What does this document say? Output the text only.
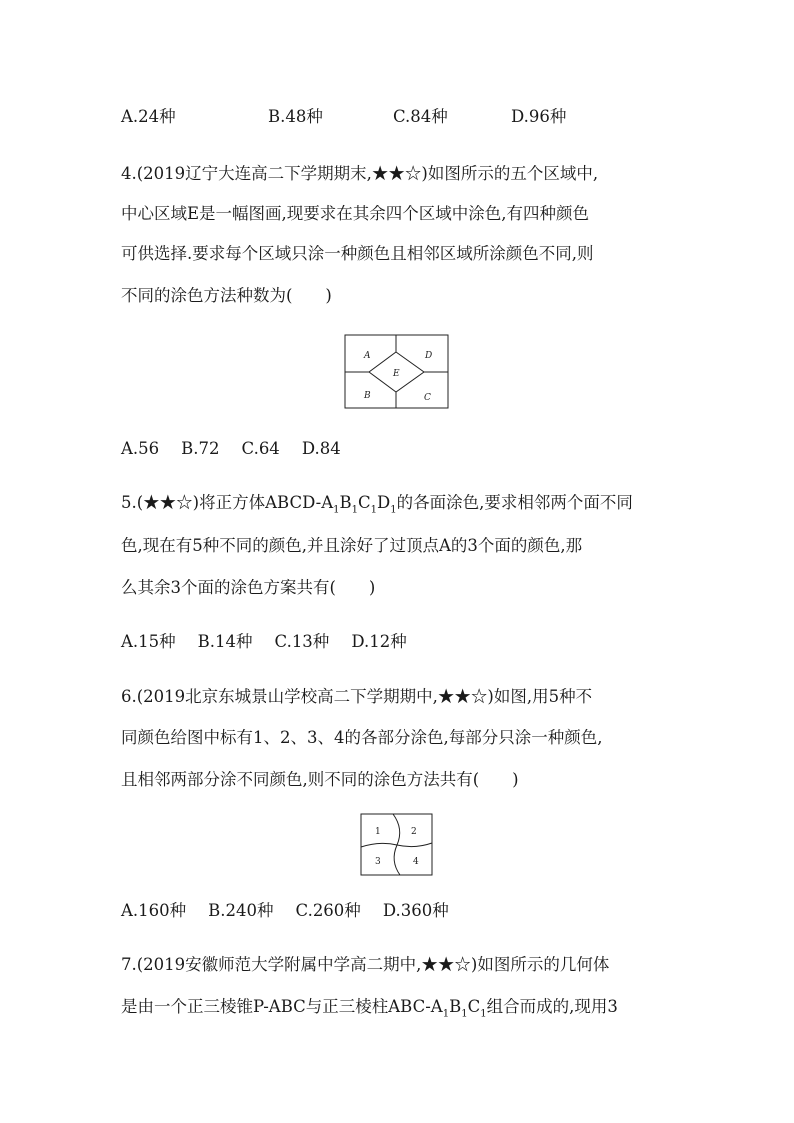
A.24种	B.48种	C.84种	D.96种
4.(2019辽宁大连高二下学期期末,★★☆)如图所示的五个区域中,
中心区域E是一幅图画,现要求在其余四个区域中涂色,有四种颜色
可供选择.要求每个区域只涂一种颜色且相邻区域所涂颜色不同,则
不同的涂色方法种数为(　　)
A	D
E
B	C
A.56 B.72 C.64 D.84
5.(★★☆)将正方体ABCD-$A_1B_1C_1D_1$的各面涂色,要求相邻两个面不同
色,现在有5种不同的颜色,并且涂好了过顶点A的3个面的颜色,那
么其余3个面的涂色方案共有(　　)
A.15种 B.14种 C.13种 D.12种
6.(2019北京东城景山学校高二下学期期中,★★☆)如图,用5种不
同颜色给图中标有1、2、3、4的各部分涂色,每部分只涂一种颜色,
且相邻两部分涂不同颜色,则不同的涂色方法共有(　　)
1	2
3	4
A.160种 B.240种 C.260种 D.360种
7.(2019安徽师范大学附属中学高二期中,★★☆)如图所示的几何体
是由一个正三棱锥P-ABC与正三棱柱ABC-$A_1B_1C_1$组合而成的,现用3
